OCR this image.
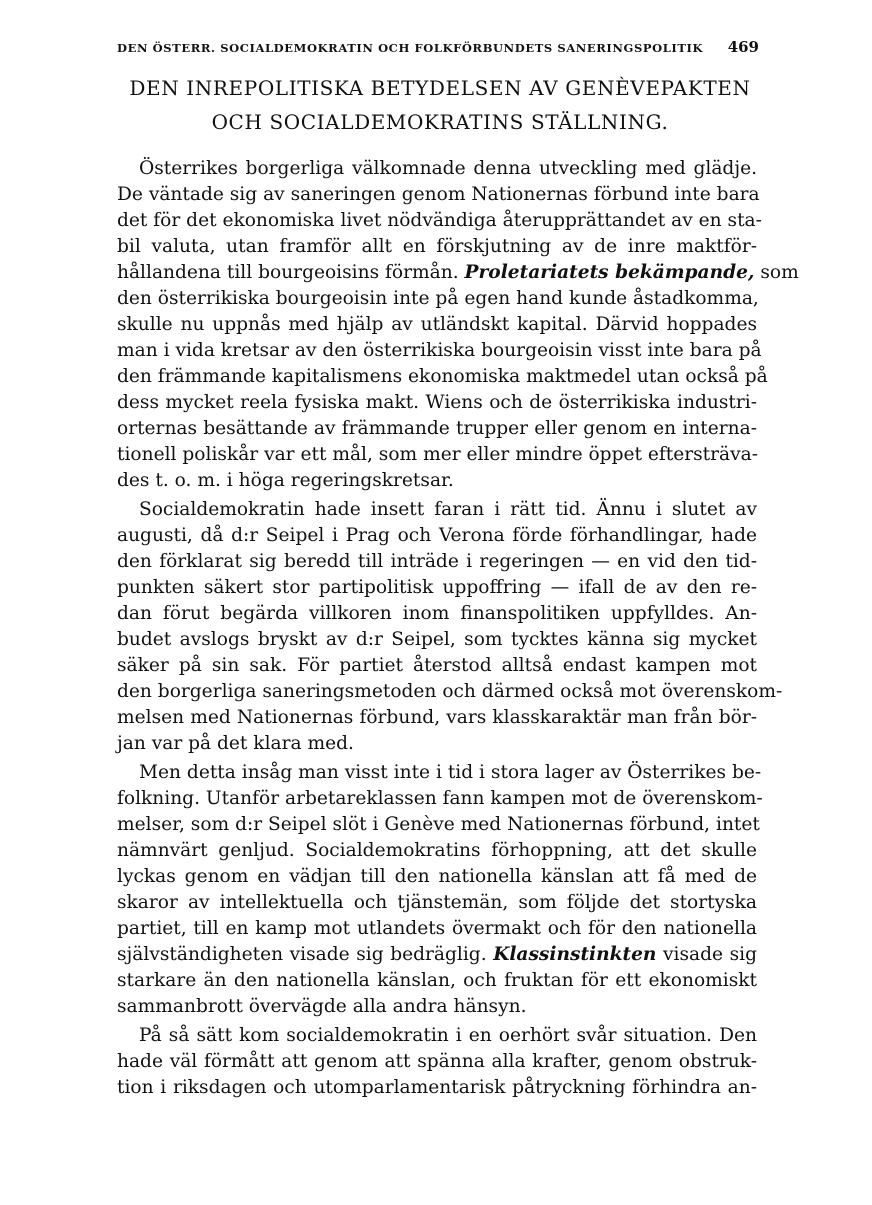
DEN ÖSTERR. SOCIALDEMOKRATIN OCH FOLKFÖRBUNDETS SANERINGSPOLITIK 469
DEN INREPOLITISKA BETYDELSEN AV GENÈVEPAKTEN
OCH SOCIALDEMOKRATINS STÄLLNING.
Österrikes borgerliga välkomnade denna utveckling med glädje.
De väntade sig av saneringen genom Nationernas förbund inte bara
det för det ekonomiska livet nödvändiga återupprättandet av en sta-
bil valuta, utan framför allt en förskjutning av de inre maktför-
hållandena till bourgeoisins förmån. Proletariatets bekämpande, som
den österrikiska bourgeoisin inte på egen hand kunde åstadkomma,
skulle nu uppnås med hjälp av utländskt kapital. Därvid hoppades
man i vida kretsar av den österrikiska bourgeoisin visst inte bara på
den främmande kapitalismens ekonomiska maktmedel utan också på
dess mycket reela fysiska makt. Wiens och de österrikiska industri-
orternas besättande av främmande trupper eller genom en interna-
tionell poliskår var ett mål, som mer eller mindre öppet eftersträva-
des t. o. m. i höga regeringskretsar.
Socialdemokratin hade insett faran i rätt tid. Ännu i slutet av
augusti, då d:r Seipel i Prag och Verona förde förhandlingar, hade
den förklarat sig beredd till inträde i regeringen — en vid den tid-
punkten säkert stor partipolitisk uppoffring — ifall de av den re-
dan förut begärda villkoren inom finanspolitiken uppfylldes. An-
budet avslogs bryskt av d:r Seipel, som tycktes känna sig mycket
säker på sin sak. För partiet återstod alltså endast kampen mot
den borgerliga saneringsmetoden och därmed också mot överenskom-
melsen med Nationernas förbund, vars klasskaraktär man från bör-
jan var på det klara med.
Men detta insåg man visst inte i tid i stora lager av Österrikes be-
folkning. Utanför arbetareklassen fann kampen mot de överenskom-
melser, som d:r Seipel slöt i Genève med Nationernas förbund, intet
nämnvärt genljud. Socialdemokratins förhoppning, att det skulle
lyckas genom en vädjan till den nationella känslan att få med de
skaror av intellektuella och tjänstemän, som följde det stortyska
partiet, till en kamp mot utlandets övermakt och för den nationella
självständigheten visade sig bedräglig. Klassinstinkten visade sig
starkare än den nationella känslan, och fruktan för ett ekonomiskt
sammanbrott övervägde alla andra hänsyn.
På så sätt kom socialdemokratin i en oerhört svår situation. Den
hade väl förmått att genom att spänna alla krafter, genom obstruk-
tion i riksdagen och utomparlamentarisk påtryckning förhindra an-
